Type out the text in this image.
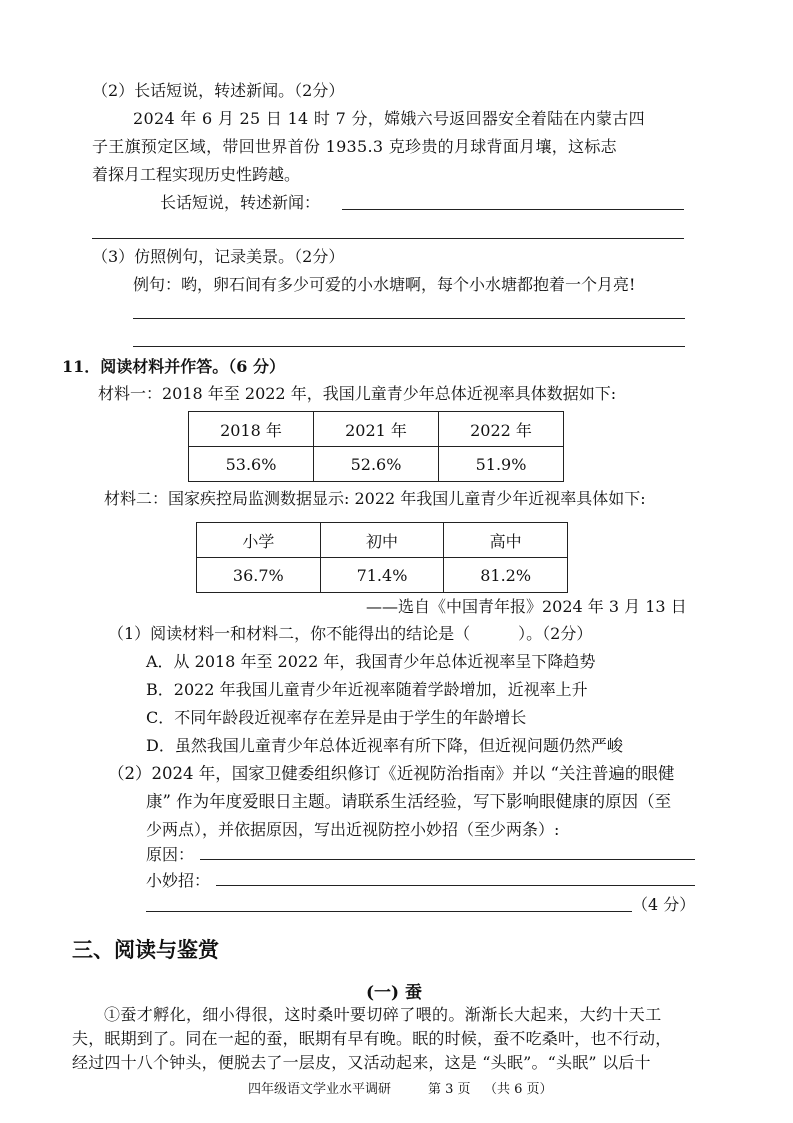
（2）长话短说，转述新闻。（2分）
2024 年 6 月 25 日 14 时 7 分，嫦娥六号返回器安全着陆在内蒙古四
子王旗预定区域，带回世界首份 1935.3 克珍贵的月球背面月壤，这标志
着探月工程实现历史性跨越。
长话短说，转述新闻：
（3）仿照例句，记录美景。（2分）
例句：哟，卵石间有多少可爱的小水塘啊，每个小水塘都抱着一个月亮!
11．阅读材料并作答。（6 分）
材料一：2018 年至 2022 年，我国儿童青少年总体近视率具体数据如下:
2018 年	2021 年	2022 年
53.6%	52.6%	51.9%
材料二：国家疾控局监测数据显示: 2022 年我国儿童青少年近视率具体如下:
小学	初中	高中
36.7%	71.4%	81.2%
——选自《中国青年报》2024 年 3 月 13 日
（1）阅读材料一和材料二，你不能得出的结论是（　　　）。（2分）
A．从 2018 年至 2022 年，我国青少年总体近视率呈下降趋势
B．2022 年我国儿童青少年近视率随着学龄增加，近视率上升
C．不同年龄段近视率存在差异是由于学生的年龄增长
D．虽然我国儿童青少年总体近视率有所下降，但近视问题仍然严峻
（2）2024 年，国家卫健委组织修订《近视防治指南》并以 “关注普遍的眼健
康” 作为年度爱眼日主题。请联系生活经验，写下影响眼健康的原因（至
少两点），并依据原因，写出近视防控小妙招（至少两条）:
原因：
小妙招：
（4 分）
三、阅读与鉴赏
(一) 蚕
①蚕才孵化，细小得很，这时桑叶要切碎了喂的。渐渐长大起来，大约十天工
夫，眠期到了。同在一起的蚕，眠期有早有晚。眠的时候，蚕不吃桑叶，也不行动，
经过四十八个钟头，便脱去了一层皮，又活动起来，这是 “头眠”。“头眠” 以后十
四年级语文学业水平调研	第 3 页 （共 6 页）
